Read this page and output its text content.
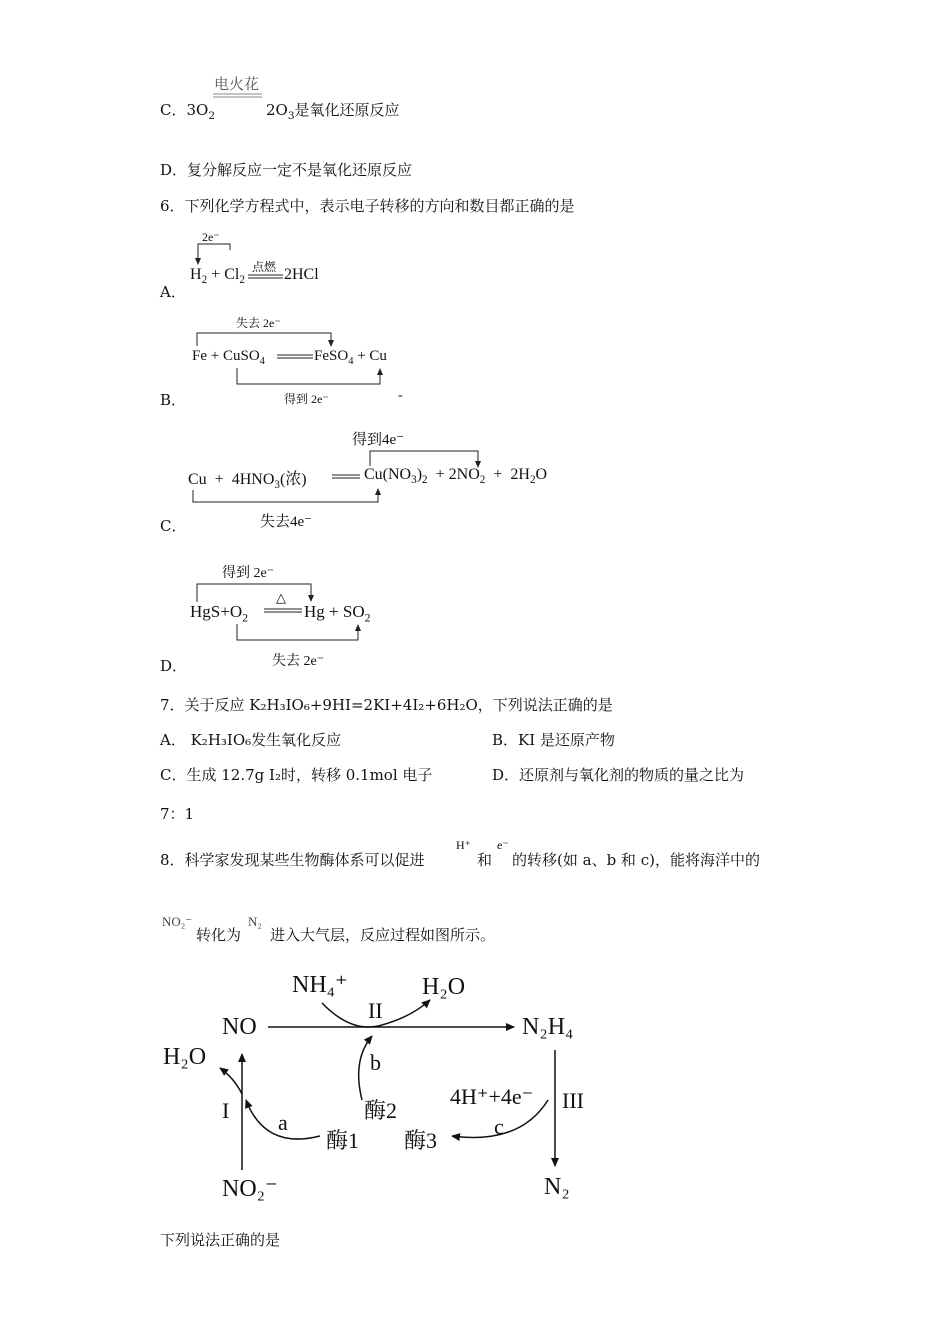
C．$3O_2$
电火花
$2O_3$是氧化还原反应
D．复分解反应一定不是氧化还原反应
6．下列化学方程式中，表示电子转移的方向和数目都正确的是
A．
2e⁻
点燃
$H_2 + Cl_2$ 2HCl
B．
失去 2e⁻
得到 2e⁻	-
Fe + CuSO$_4$	FeSO$_4$ + Cu
C．
得到4e⁻
失去4e⁻
$Cu + 4HNO_3$(浓)	$Cu(NO_3)_2 + 2NO_2 + 2H_2O$
D．
得到 2e⁻
失去 2e⁻
△
$HgS+O_2$	$Hg + SO_2$
7．关于反应 K₂H₃IO₆+9HI=2KI+4I₂+6H₂O，下列说法正确的是
A． K₂H₃IO₆发生氧化反应	B．KI 是还原产物
C．生成 12.7g I₂时，转移 0.1mol 电子	D．还原剂与氧化剂的物质的量之比为
7：1
8．科学家发现某些生物酶体系可以促进
H⁺
和
e⁻
的转移(如 a、b 和 c)，能将海洋中的
NO₂⁻
转化为
N₂
进入大气层，反应过程如图所示。
NH₄⁺	H₂O
NO
II
N₂H₄
H₂O	b
I a	酶2
4H⁺+4e⁻ III
酶1 酶3
c
NO₂⁻	N₂
下列说法正确的是
